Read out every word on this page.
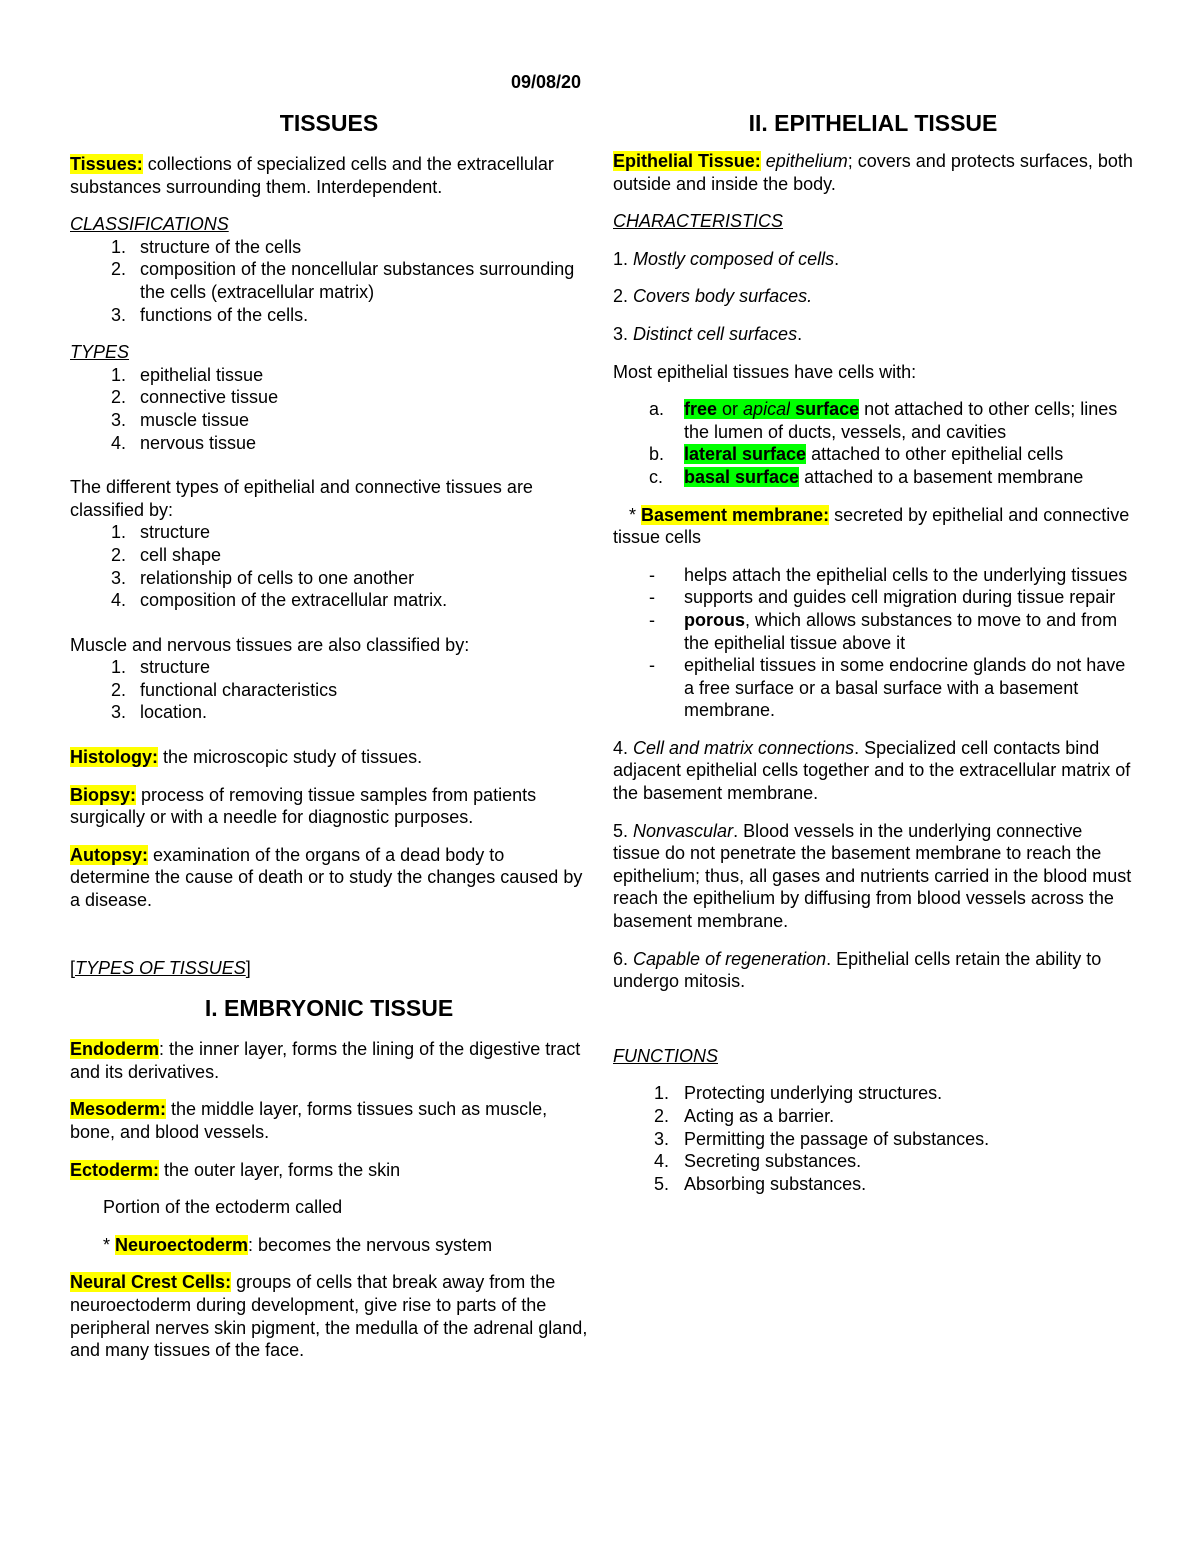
09/08/20
TISSUES

Tissues: collections of specialized cells and the extracellular substances surrounding them. Interdependent.

CLASSIFICATIONS
1. structure of the cells
2. composition of the noncellular substances surrounding the cells (extracellular matrix)
3. functions of the cells.
TYPES
1. epithelial tissue
2. connective tissue
3. muscle tissue
4. nervous tissue
The different types of epithelial and connective tissues are classified by:
1. structure
2. cell shape
3. relationship of cells to one another
4. composition of the extracellular matrix.
Muscle and nervous tissues are also classified by:
1. structure
2. functional characteristics
3. location.

Histology: the microscopic study of tissues.

Biopsy: process of removing tissue samples from patients surgically or with a needle for diagnostic purposes.

Autopsy: examination of the organs of a dead body to determine the cause of death or to study the changes caused by a disease.

[TYPES OF TISSUES]

I. EMBRYONIC TISSUE

Endoderm: the inner layer, forms the lining of the digestive tract and its derivatives.

Mesoderm: the middle layer, forms tissues such as muscle, bone, and blood vessels.

Ectoderm: the outer layer, forms the skin

Portion of the ectoderm called

* Neuroectoderm: becomes the nervous system

Neural Crest Cells: groups of cells that break away from the neuroectoderm during development, give rise to parts of the peripheral nerves skin pigment, the medulla of the adrenal gland, and many tissues of the face.

II. EPITHELIAL TISSUE

Epithelial Tissue: epithelium; covers and protects surfaces, both outside and inside the body.

CHARACTERISTICS

1. Mostly composed of cells.

2. Covers body surfaces.

3. Distinct cell surfaces.

Most epithelial tissues have cells with:

a. free or apical surface not attached to other cells; lines the lumen of ducts, vessels, and cavities
b. lateral surface attached to other epithelial cells
c. basal surface attached to a basement membrane

* Basement membrane: secreted by epithelial and connective tissue cells

- helps attach the epithelial cells to the underlying tissues
- supports and guides cell migration during tissue repair
- porous, which allows substances to move to and from the epithelial tissue above it
- epithelial tissues in some endocrine glands do not have a free surface or a basal surface with a basement membrane.

4. Cell and matrix connections. Specialized cell contacts bind adjacent epithelial cells together and to the extracellular matrix of the basement membrane.

5. Nonvascular. Blood vessels in the underlying connective tissue do not penetrate the basement membrane to reach the epithelium; thus, all gases and nutrients carried in the blood must reach the epithelium by diffusing from blood vessels across the basement membrane.

6. Capable of regeneration. Epithelial cells retain the ability to undergo mitosis.

FUNCTIONS
1. Protecting underlying structures.
2. Acting as a barrier.
3. Permitting the passage of substances.
4. Secreting substances.
5. Absorbing substances.
